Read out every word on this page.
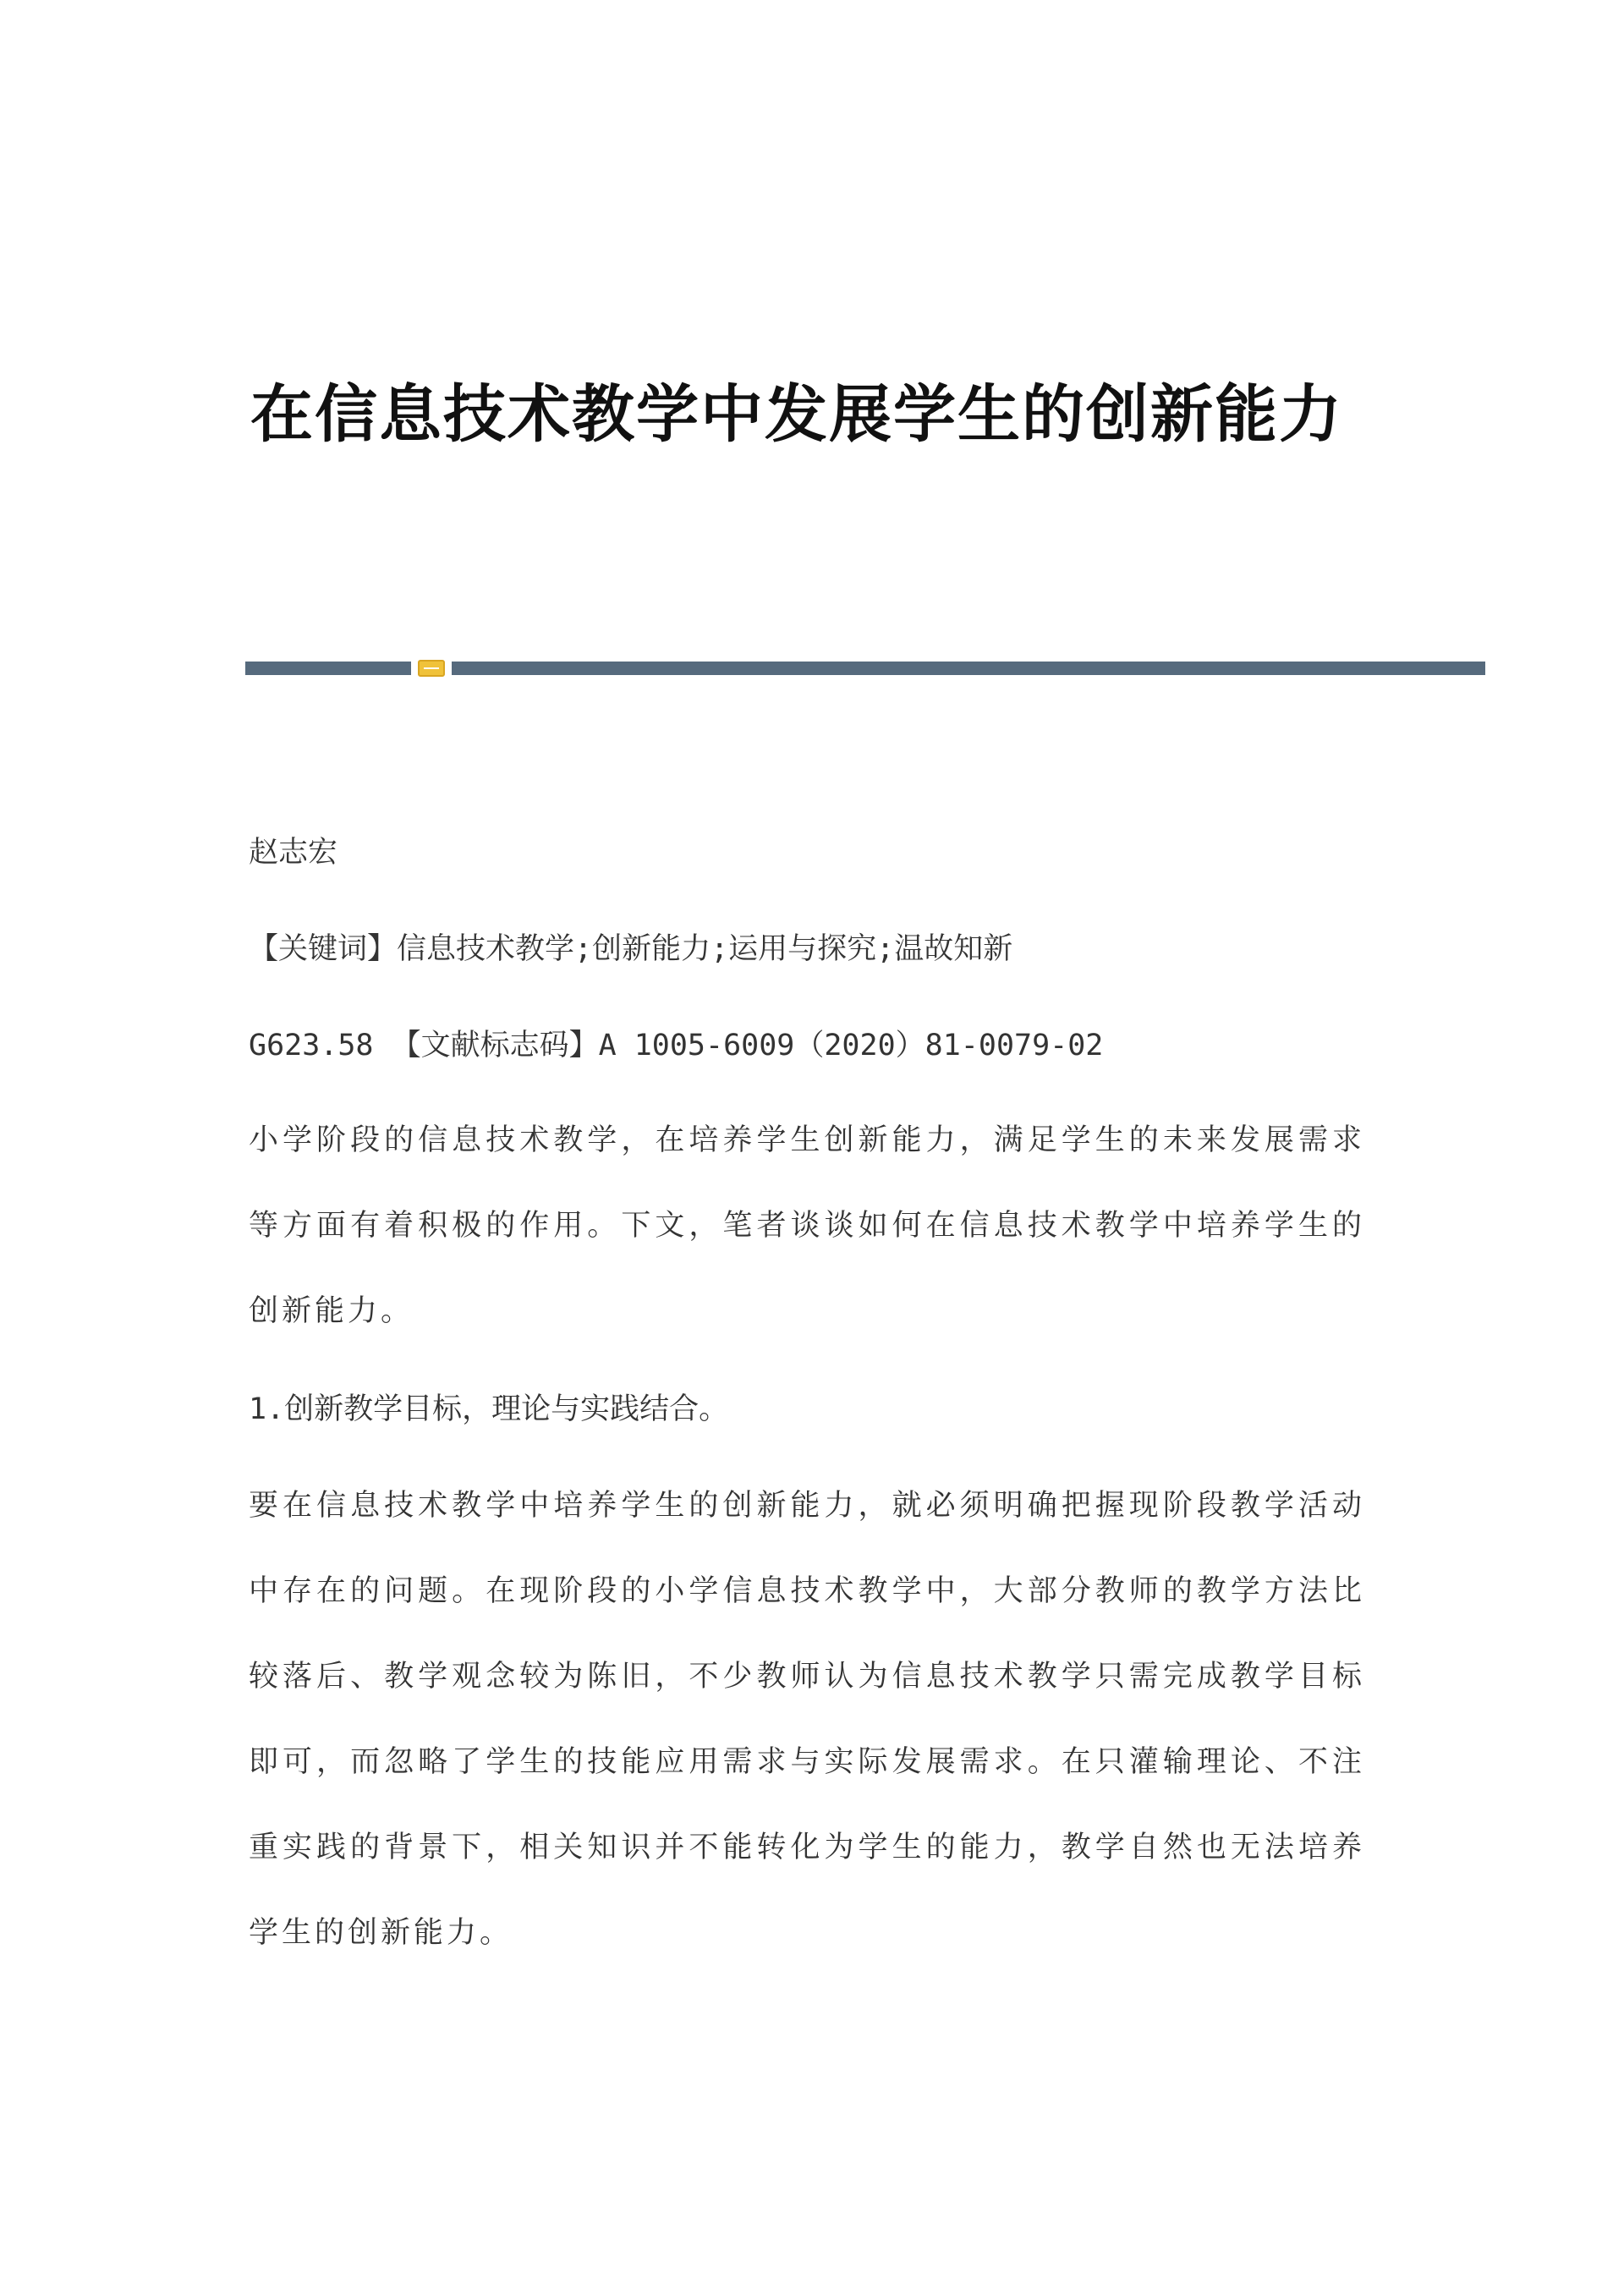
在信息技术教学中发展学生的创新能力
赵志宏
【关键词】信息技术教学;创新能力;运用与探究;温故知新
G623.58 【文献标志码】A 1005-6009（2020）81-0079-02
小学阶段的信息技术教学，在培养学生创新能力，满足学生的未来发展需求等方面有着积极的作用。下文，笔者谈谈如何在信息技术教学中培养学生的创新能力。
1.创新教学目标，理论与实践结合。
要在信息技术教学中培养学生的创新能力，就必须明确把握现阶段教学活动中存在的问题。在现阶段的小学信息技术教学中，大部分教师的教学方法比较落后、教学观念较为陈旧，不少教师认为信息技术教学只需完成教学目标即可，而忽略了学生的技能应用需求与实际发展需求。在只灌输理论、不注重实践的背景下，相关知识并不能转化为学生的能力，教学自然也无法培养学生的创新能力。
